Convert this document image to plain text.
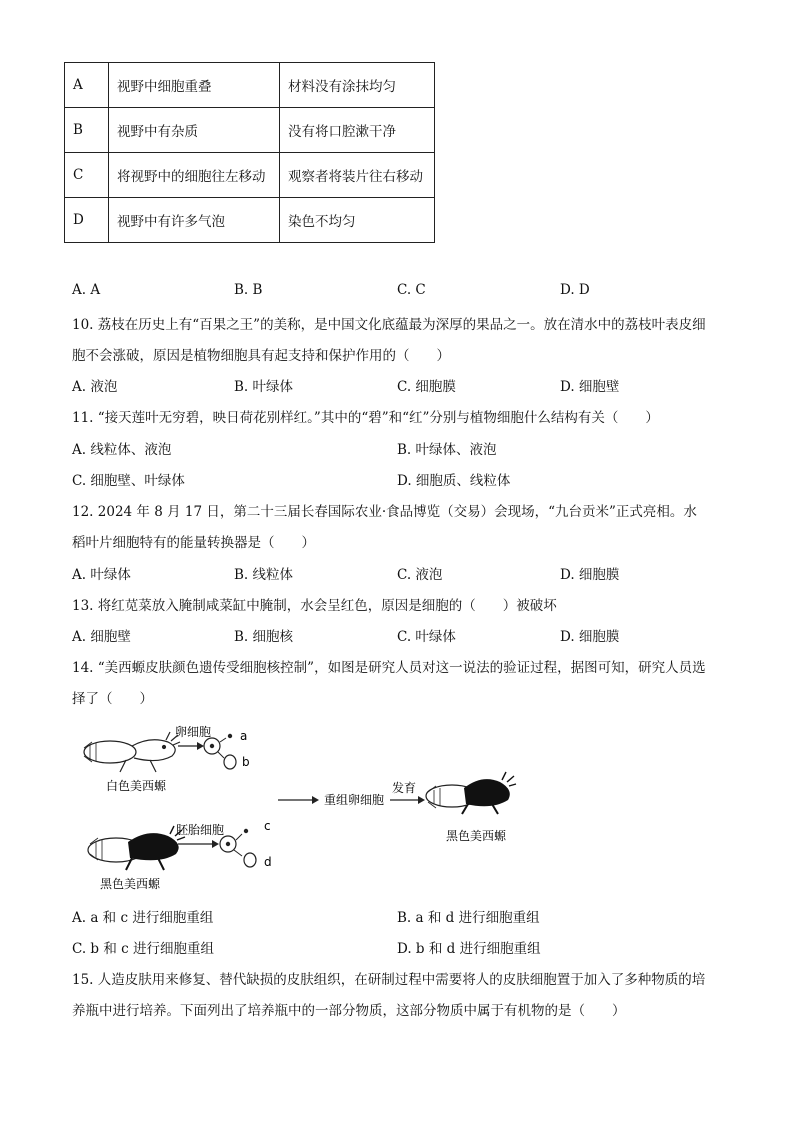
A	视野中细胞重叠	材料没有涂抹均匀
B	视野中有杂质	没有将口腔漱干净
C	将视野中的细胞往左移动	观察者将装片往右移动
D	视野中有许多气泡	染色不均匀
A. A	B. B	C. C	D. D
10. 荔枝在历史上有“百果之王”的美称，是中国文化底蕴最为深厚的果品之一。放在清水中的荔枝叶表皮细
胞不会涨破，原因是植物细胞具有起支持和保护作用的（　　）
A. 液泡	B. 叶绿体	C. 细胞膜	D. 细胞壁
11. “接天莲叶无穷碧，映日荷花别样红。”其中的“碧”和“红”分别与植物细胞什么结构有关（　　）
A. 线粒体、液泡	B. 叶绿体、液泡
C. 细胞壁、叶绿体	D. 细胞质、线粒体
12. 2024 年 8 月 17 日，第二十三届长春国际农业·食品博览（交易）会现场，“九台贡米”正式亮相。水
稻叶片细胞特有的能量转换器是（　　）
A. 叶绿体	B. 线粒体	C. 液泡	D. 细胞膜
13. 将红苋菜放入腌制咸菜缸中腌制，水会呈红色，原因是细胞的（　　）被破坏
A. 细胞壁	B. 细胞核	C. 叶绿体	D. 细胞膜
14. “美西螈皮肤颜色遗传受细胞核控制”，如图是研究人员对这一说法的验证过程，据图可知，研究人员选
择了（　　）
白色美西螈
卵细胞 a
b
黑色美西螈
胚胎细胞	c
d
重组卵细胞
发育
黑色美西螈
A. a 和 c 进行细胞重组	B. a 和 d 进行细胞重组
C. b 和 c 进行细胞重组	D. b 和 d 进行细胞重组
15. 人造皮肤用来修复、替代缺损的皮肤组织，在研制过程中需要将人的皮肤细胞置于加入了多种物质的培
养瓶中进行培养。下面列出了培养瓶中的一部分物质，这部分物质中属于有机物的是（　　）
